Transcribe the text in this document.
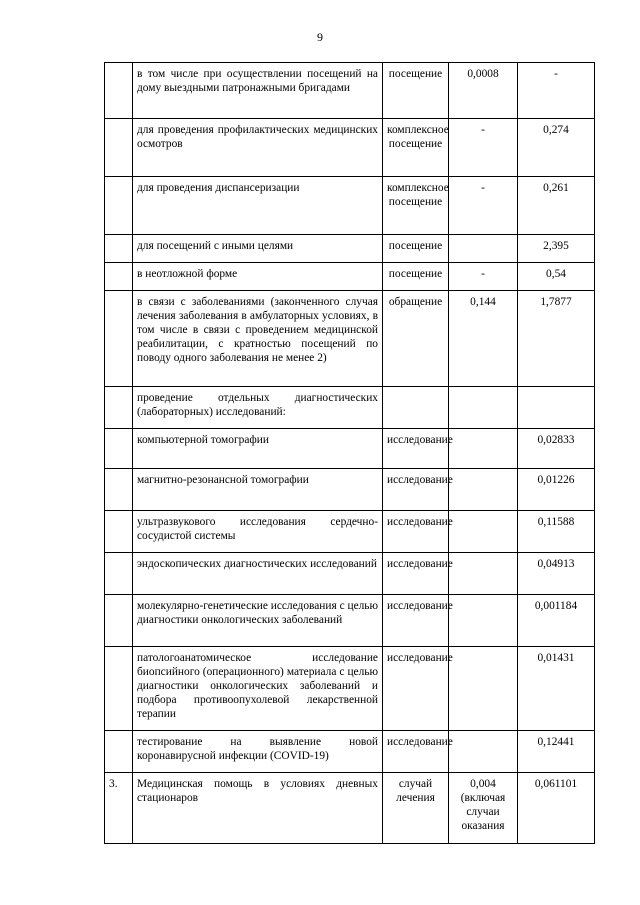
9
	в том числе при осуществлении посещений на дому выездными патронажными бригадами	посещение	0,0008	-
	для проведения профилактических медицинских осмотров	комплексное посещение	-	0,274
	для проведения диспансеризации	комплексное посещение	-	0,261
	для посещений с иными целями	посещение		2,395
	в неотложной форме	посещение	-	0,54
	в связи с заболеваниями (законченного случая лечения заболевания в амбулаторных условиях, в том числе в связи с проведением медицинской реабилитации, с кратностью посещений по поводу одного заболевания не менее 2)	обращение	0,144	1,7877
	проведение отдельных диагностических (лабораторных) исследований:			
	компьютерной томографии	исследование		0,02833
	магнитно-резонансной томографии	исследование		0,01226
	ультразвукового исследования сердечно-сосудистой системы	исследование		0,11588
	эндоскопических диагностических исследований	исследование		0,04913
	молекулярно-генетические исследования с целью диагностики онкологических заболеваний	исследование		0,001184
	патологоанатомическое исследование биопсийного (операционного) материала с целью диагностики онкологических заболеваний и подбора противоопухолевой лекарственной терапии	исследование		0,01431
	тестирование на выявление новой коронавирусной инфекции (COVID-19)	исследование		0,12441
3.	Медицинская помощь в условиях дневных стационаров	случай лечения	0,004 (включая случаи оказания	0,061101
